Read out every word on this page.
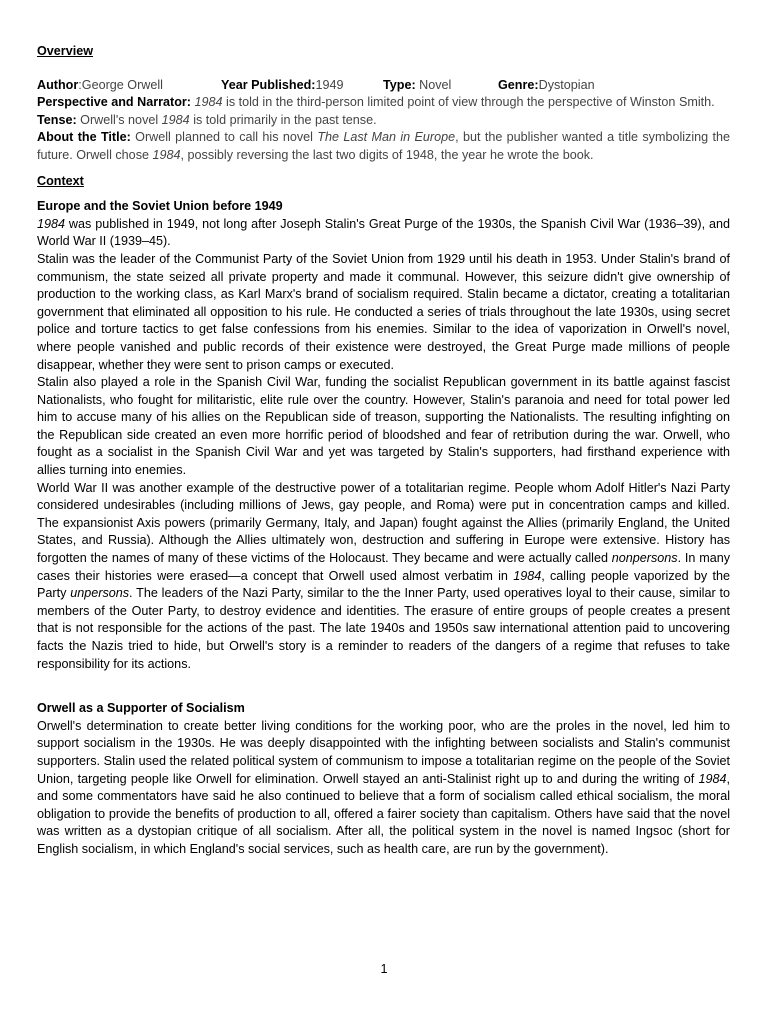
Overview
Author:George Orwell	Year Published:1949	Type: Novel	Genre:Dystopian

Perspective and Narrator: 1984 is told in the third-person limited point of view through the perspective of Winston Smith.

Tense: Orwell's novel 1984 is told primarily in the past tense.

About the Title: Orwell planned to call his novel The Last Man in Europe, but the publisher wanted a title symbolizing the future. Orwell chose 1984, possibly reversing the last two digits of 1948, the year he wrote the book.

Context
Europe and the Soviet Union before 1949

1984 was published in 1949, not long after Joseph Stalin's Great Purge of the 1930s, the Spanish Civil War (1936–39), and World War II (1939–45).

Stalin was the leader of the Communist Party of the Soviet Union from 1929 until his death in 1953. Under Stalin's brand of communism, the state seized all private property and made it communal. However, this seizure didn't give ownership of production to the working class, as Karl Marx's brand of socialism required. Stalin became a dictator, creating a totalitarian government that eliminated all opposition to his rule. He conducted a series of trials throughout the late 1930s, using secret police and torture tactics to get false confessions from his enemies. Similar to the idea of vaporization in Orwell's novel, where people vanished and public records of their existence were destroyed, the Great Purge made millions of people disappear, whether they were sent to prison camps or executed.

Stalin also played a role in the Spanish Civil War, funding the socialist Republican government in its battle against fascist Nationalists, who fought for militaristic, elite rule over the country. However, Stalin's paranoia and need for total power led him to accuse many of his allies on the Republican side of treason, supporting the Nationalists. The resulting infighting on the Republican side created an even more horrific period of bloodshed and fear of retribution during the war. Orwell, who fought as a socialist in the Spanish Civil War and yet was targeted by Stalin's supporters, had firsthand experience with allies turning into enemies.

World War II was another example of the destructive power of a totalitarian regime. People whom Adolf Hitler's Nazi Party considered undesirables (including millions of Jews, gay people, and Roma) were put in concentration camps and killed. The expansionist Axis powers (primarily Germany, Italy, and Japan) fought against the Allies (primarily England, the United States, and Russia). Although the Allies ultimately won, destruction and suffering in Europe were extensive. History has forgotten the names of many of these victims of the Holocaust. They became and were actually called nonpersons. In many cases their histories were erased—a concept that Orwell used almost verbatim in 1984, calling people vaporized by the Party unpersons. The leaders of the Nazi Party, similar to the the Inner Party, used operatives loyal to their cause, similar to members of the Outer Party, to destroy evidence and identities. The erasure of entire groups of people creates a present that is not responsible for the actions of the past. The late 1940s and 1950s saw international attention paid to uncovering facts the Nazis tried to hide, but Orwell's story is a reminder to readers of the dangers of a regime that refuses to take responsibility for its actions.

Orwell as a Supporter of Socialism

Orwell's determination to create better living conditions for the working poor, who are the proles in the novel, led him to support socialism in the 1930s. He was deeply disappointed with the infighting between socialists and Stalin's communist supporters. Stalin used the related political system of communism to impose a totalitarian regime on the people of the Soviet Union, targeting people like Orwell for elimination. Orwell stayed an anti-Stalinist right up to and during the writing of 1984, and some commentators have said he also continued to believe that a form of socialism called ethical socialism, the moral obligation to provide the benefits of production to all, offered a fairer society than capitalism. Others have said that the novel was written as a dystopian critique of all socialism. After all, the political system in the novel is named Ingsoc (short for English socialism, in which England's social services, such as health care, are run by the government).

1
